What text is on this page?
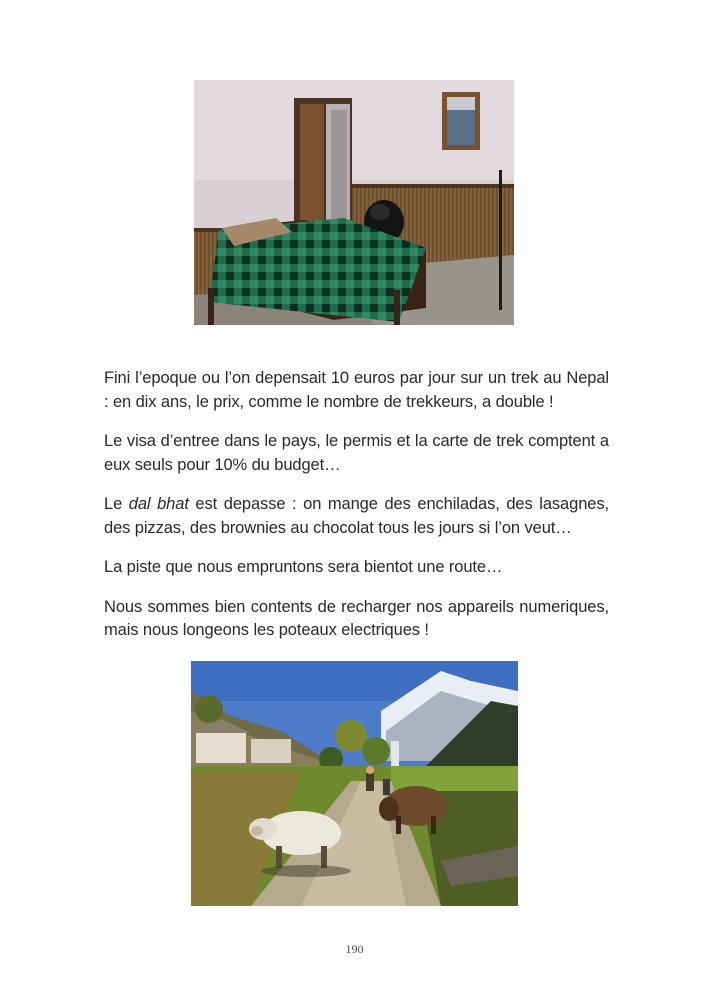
Fini l’epoque ou l’on depensait 10 euros par jour sur un trek au Nepal : en dix ans, le prix, comme le nombre de trekkeurs, a double !

Le visa d’entree dans le pays, le permis et la carte de trek comptent a eux seuls pour 10% du budget…

Le dal bhat est depasse : on mange des enchiladas, des lasagnes, des pizzas, des brownies au chocolat tous les jours si l’on veut…

La piste que nous empruntons sera bientot une route…

Nous sommes bien contents de recharger nos appareils numeriques, mais nous longeons les poteaux electriques !

190
